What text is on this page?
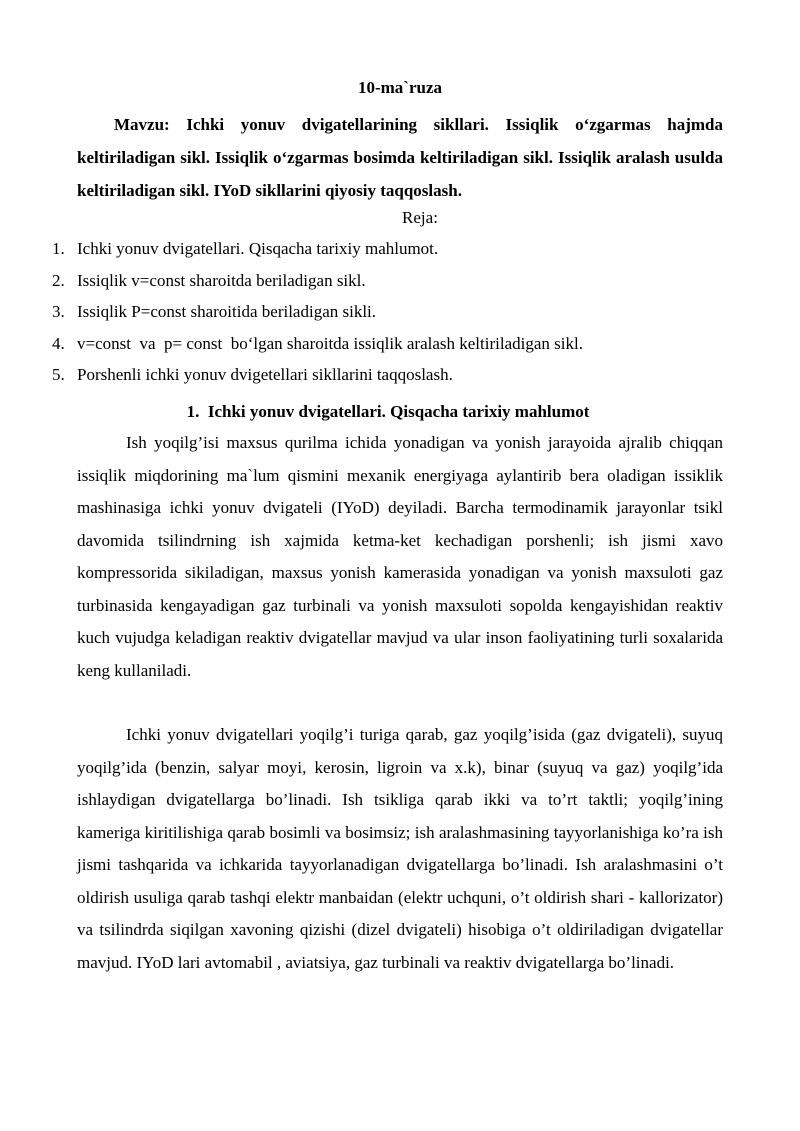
10-ma`ruza
Mavzu: Ichki yonuv dvigatellarining sikllari. Issiqlik o‘zgarmas hajmda keltiriladigan sikl. Issiqlik o‘zgarmas bosimda keltiriladigan sikl. Issiqlik aralash usulda keltiriladigan sikl. IYoD sikllarini qiyosiy taqqoslash.
Reja:
1. Ichki yonuv dvigatellari. Qisqacha tarixiy mahlumot.
2. Issiqlik v=const sharoitda beriladigan sikl.
3. Issiqlik P=const sharoitida beriladigan sikli.
4. v=const  va  p= const  bo‘lgan sharoitda issiqlik aralash keltiriladigan sikl.
5. Porshenli ichki yonuv dvigetellari sikllarini taqqoslash.
1.  Ichki yonuv dvigatellari. Qisqacha tarixiy mahlumot

Ish yoqilg’isi maxsus qurilma ichida yonadigan va yonish jarayoida ajralib chiqqan issiqlik miqdorining ma`lum qismini mexanik energiyaga aylantirib bera oladigan issiklik mashinasiga ichki yonuv dvigateli (IYoD) deyiladi. Barcha termodinamik jarayonlar tsikl davomida tsilindrning ish xajmida ketma-ket kechadigan porshenli; ish jismi xavo kompressorida sikiladigan, maxsus yonish kamerasida yonadigan va yonish maxsuloti gaz turbinasida kengayadigan gaz turbinali va yonish maxsuloti sopolda kengayishidan reaktiv kuch vujudga keladigan reaktiv dvigatellar mavjud va ular inson faoliyatining turli soxalarida keng kullaniladi.

Ichki yonuv dvigatellari yoqilg’i turiga qarab, gaz yoqilg’isida (gaz dvigateli), suyuq yoqilg’ida (benzin, salyar moyi, kerosin, ligroin va x.k), binar (suyuq va gaz) yoqilg’ida ishlaydigan dvigatellarga bo’linadi. Ish tsikliga qarab ikki va to’rt taktli; yoqilg’ining kameriga kiritilishiga qarab bosimli va bosimsiz; ish aralashmasining tayyorlanishiga ko’ra ish jismi tashqarida va ichkarida tayyorlanadigan dvigatellarga bo’linadi. Ish aralashmasini o’t oldirish usuliga qarab tashqi elektr manbaidan (elektr uchquni, o’t oldirish shari - kallorizator) va tsilindrda siqilgan xavoning qizishi (dizel dvigateli) hisobiga o’t oldiriladigan dvigatellar mavjud. IYoD lari avtomabil , aviatsiya, gaz turbinali va reaktiv dvigatellarga bo’linadi.
